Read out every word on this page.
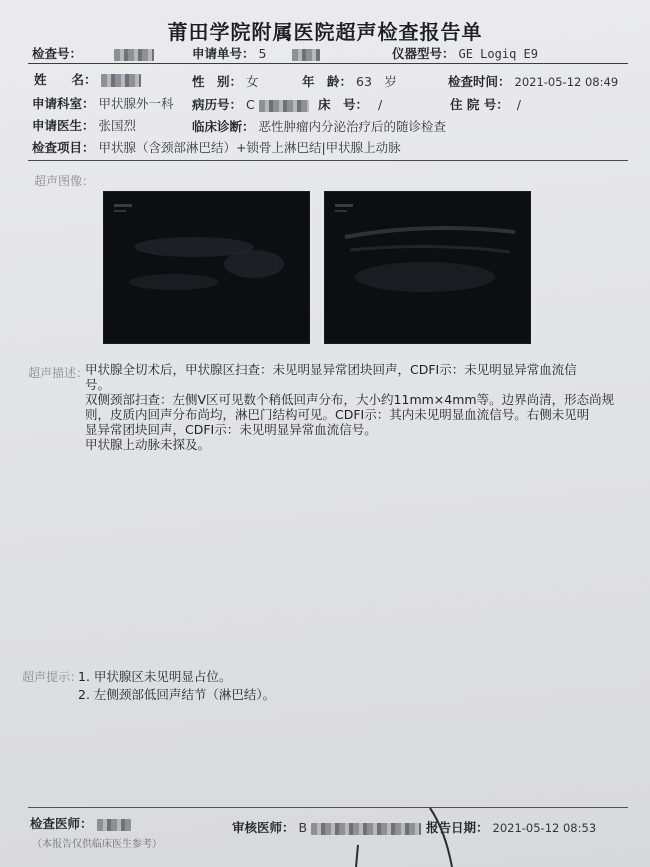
莆田学院附属医院超声检查报告单
检查号：	申请单号： 5	仪器型号： GE Logiq E9
姓　　名：	性　别： 女	年　龄： 63　岁	检查时间： 2021-05-12 08:49
申请科室： 甲状腺外一科 病历号： C	床　号： /	住 院 号： /
申请医生： 张国烈	临床诊断： 恶性肿瘤内分泌治疗后的随诊检查
检查项目： 甲状腺（含颈部淋巴结）+锁骨上淋巴结|甲状腺上动脉
超声图像：
超声描述：

甲状腺全切术后，甲状腺区扫查：未见明显异常团块回声，CDFI示：未见明显异常血流信

号。

双侧颈部扫查：左侧V区可见数个稍低回声分布，大小约11mm×4mm等。边界尚清，形态尚规

则，皮质内回声分布尚均，淋巴门结构可见。CDFI示：其内未见明显血流信号。右侧未见明

显异常团块回声，CDFI示：未见明显异常血流信号。

甲状腺上动脉未探及。

超声提示：
1. 甲状腺区未见明显占位。
2. 左侧颈部低回声结节（淋巴结）。
检查医师：	审核医师： B	报告日期： 2021-05-12 08:53
（本报告仅供临床医生参考）
